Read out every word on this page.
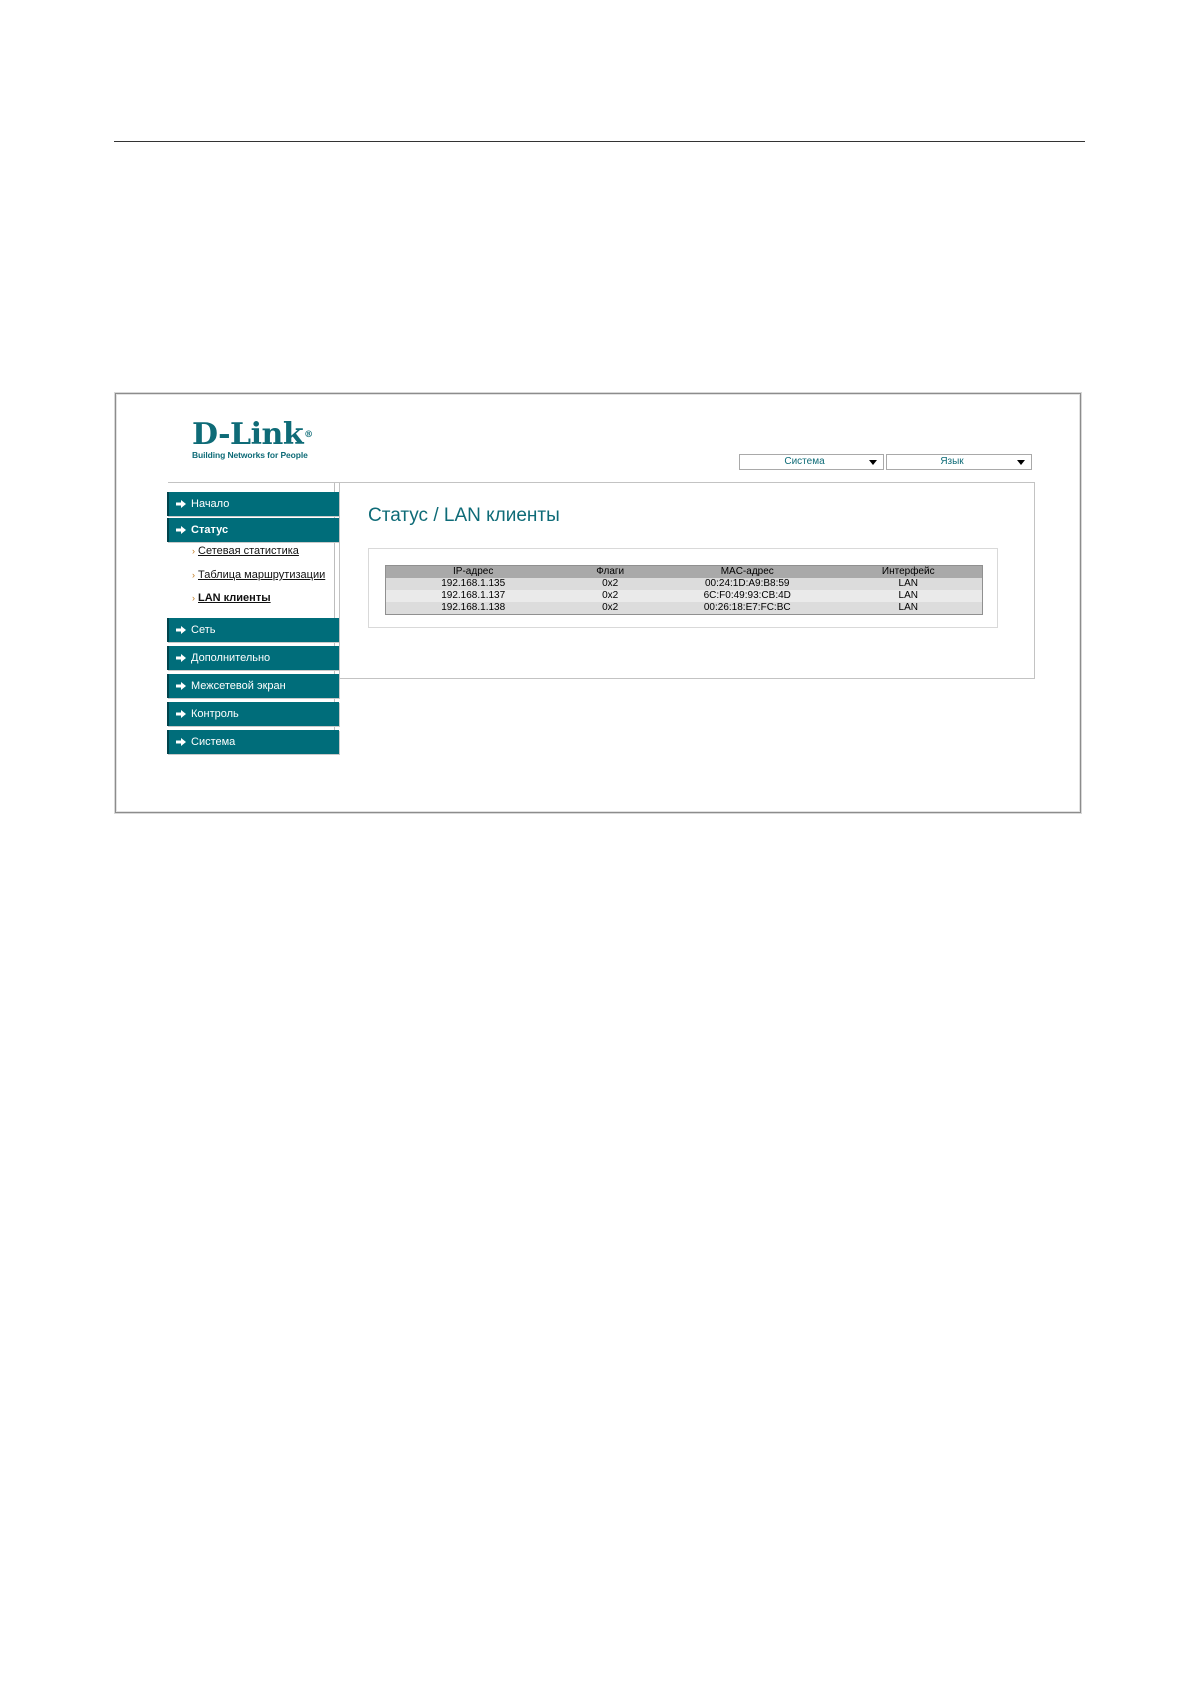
D-Link®
Building Networks for People
Система	Язык
Начало
Статус
› Сетевая статистика
› Таблица маршрутизации
› LAN клиенты
Сеть
Дополнительно
Межсетевой экран
Контроль
Система
Статус / LAN клиенты
IP-адрес	Флаги	MAC-адрес	Интерфейс
192.168.1.135	0x2	00:24:1D:A9:B8:59	LAN
192.168.1.137	0x2	6C:F0:49:93:CB:4D	LAN
192.168.1.138	0x2	00:26:18:E7:FC:BC	LAN
